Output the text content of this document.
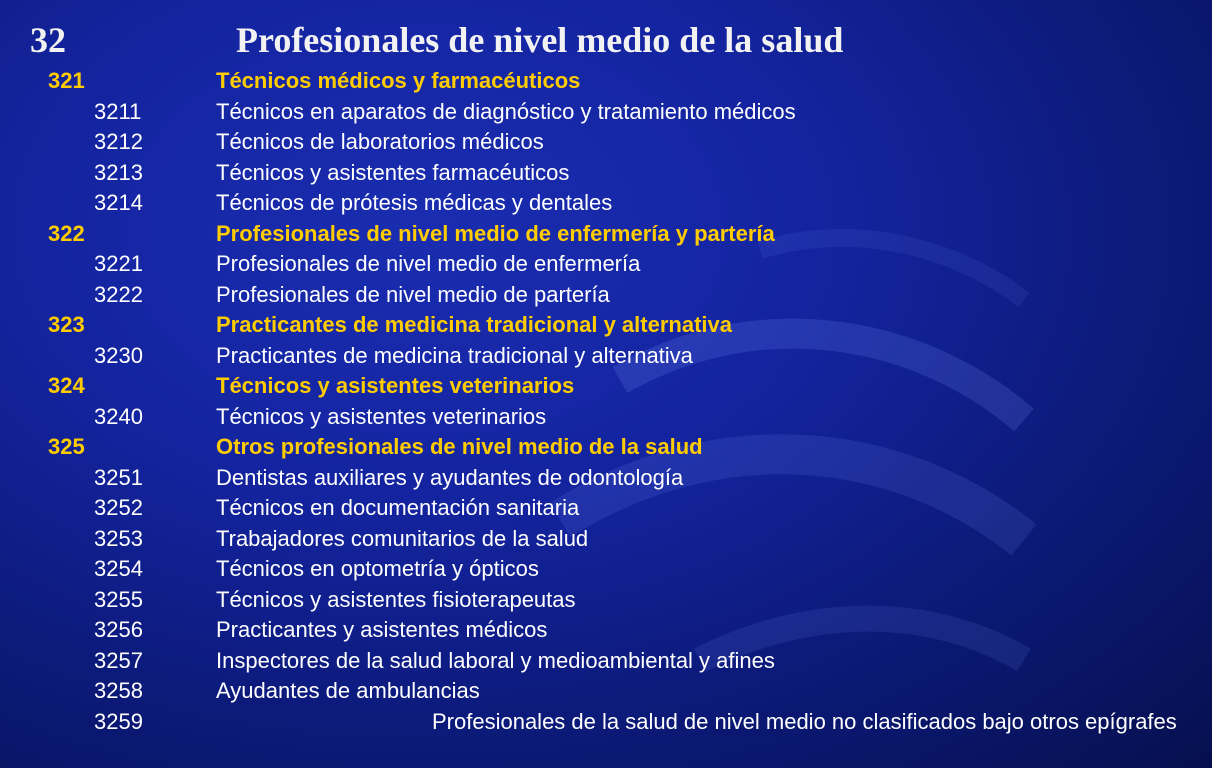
32	Profesionales de nivel medio de la salud
321	Técnicos médicos y farmacéuticos
3211	Técnicos en aparatos de diagnóstico y tratamiento médicos
3212	Técnicos de laboratorios médicos
3213	Técnicos y asistentes farmacéuticos
3214	Técnicos de prótesis médicas y dentales
322	Profesionales de nivel medio de enfermería y partería
3221	Profesionales de nivel medio de enfermería
3222	Profesionales de nivel medio de partería
323	Practicantes de medicina tradicional y alternativa
3230	Practicantes de medicina tradicional y alternativa
324	Técnicos y asistentes veterinarios
3240	Técnicos y asistentes veterinarios
325	Otros profesionales de nivel medio de la salud
3251	Dentistas auxiliares y ayudantes de odontología
3252	Técnicos en documentación sanitaria
3253	Trabajadores comunitarios de la salud
3254	Técnicos en optometría y ópticos
3255	Técnicos y asistentes fisioterapeutas
3256	Practicantes y asistentes médicos
3257	Inspectores de la salud laboral y medioambiental y afines
3258	Ayudantes de ambulancias
3259	Profesionales de la salud de nivel medio no clasificados bajo otros epígrafes
